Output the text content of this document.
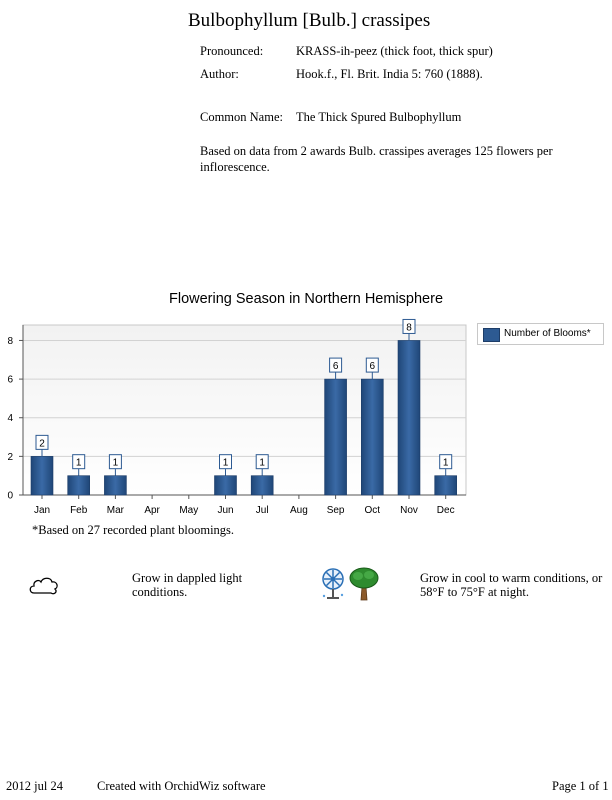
Bulbophyllum [Bulb.] crassipes
Pronounced:	KRASS-ih-peez (thick foot, thick spur)
Author:	Hook.f., Fl. Brit. India 5: 760 (1888).
Common Name: The Thick Spured Bulbophyllum
Based on data from 2 awards Bulb. crassipes averages 125 flowers per inflorescence.
Flowering Season in Northern Hemisphere
0
2
4
6
8
Jan
2
Feb
1
Mar
1
Apr May Jun
1
Jul
1
Aug Sep
6
Oct
6
Nov
8
Dec
1
Number of Blooms*
*Based on 27 recorded plant bloomings.
Grow in dappled light conditions.
Grow in cool to warm conditions, or 58°F to 75°F at night.
2012 jul 24	Created with OrchidWiz software	Page 1 of 1
